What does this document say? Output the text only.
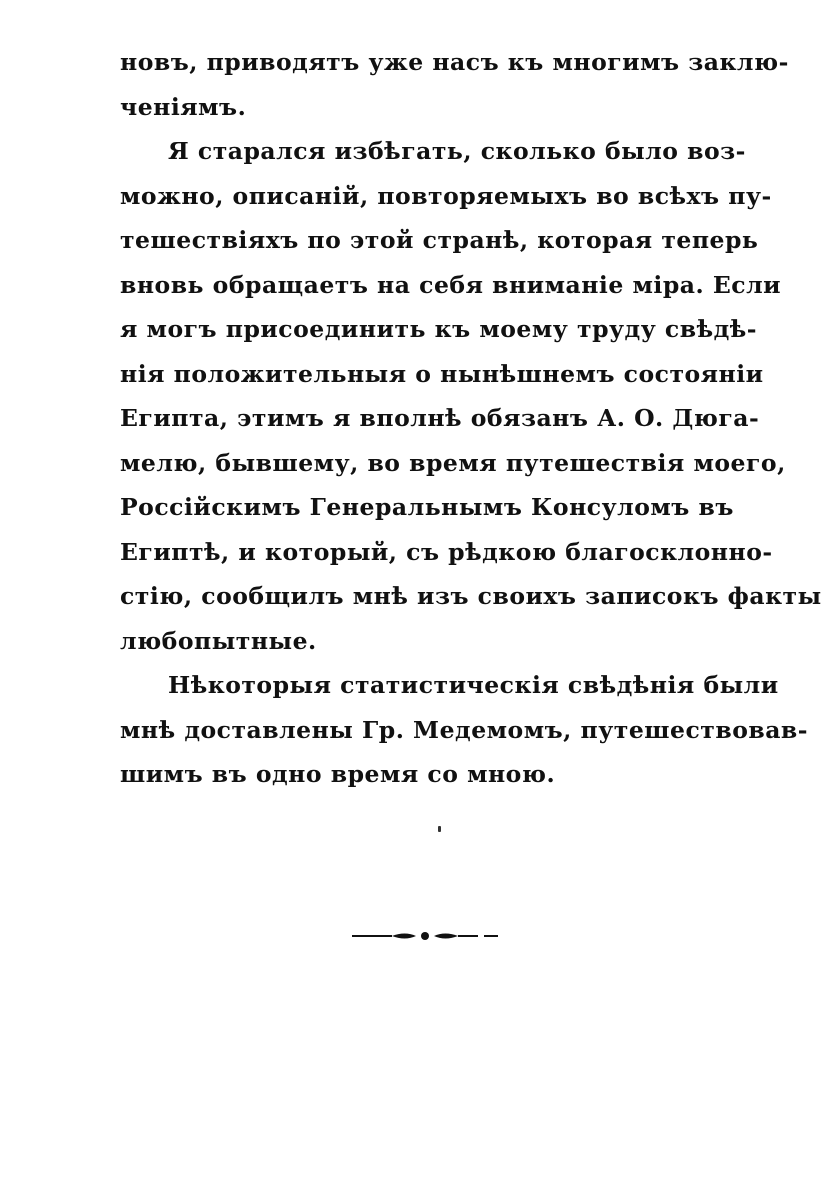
новъ, приводятъ уже насъ къ многимъ заклю-
ченіямъ.
Я старался избѣгать, сколько было воз-
можно, описаній, повторяемыхъ во всѣхъ пу-
тешествіяхъ по этой странѣ, которая теперь
вновь обращаетъ на себя вниманіе міра. Если
я могъ присоединить къ моему труду свѣдѣ-
нія положительныя о нынѣшнемъ состояніи
Египта, этимъ я вполнѣ обязанъ А. О. Дюга-
мелю, бывшему, во время путешествія моего,
Россійскимъ Генеральнымъ Консуломъ въ
Египтѣ, и который, съ рѣдкою благосклонно-
стію, сообщилъ мнѣ изъ своихъ записокъ факты
любопытные.
Нѣкоторыя статистическія свѣдѣнія были
мнѣ доставлены Гр. Медемомъ, путешествовав-
шимъ въ одно время со мною.
